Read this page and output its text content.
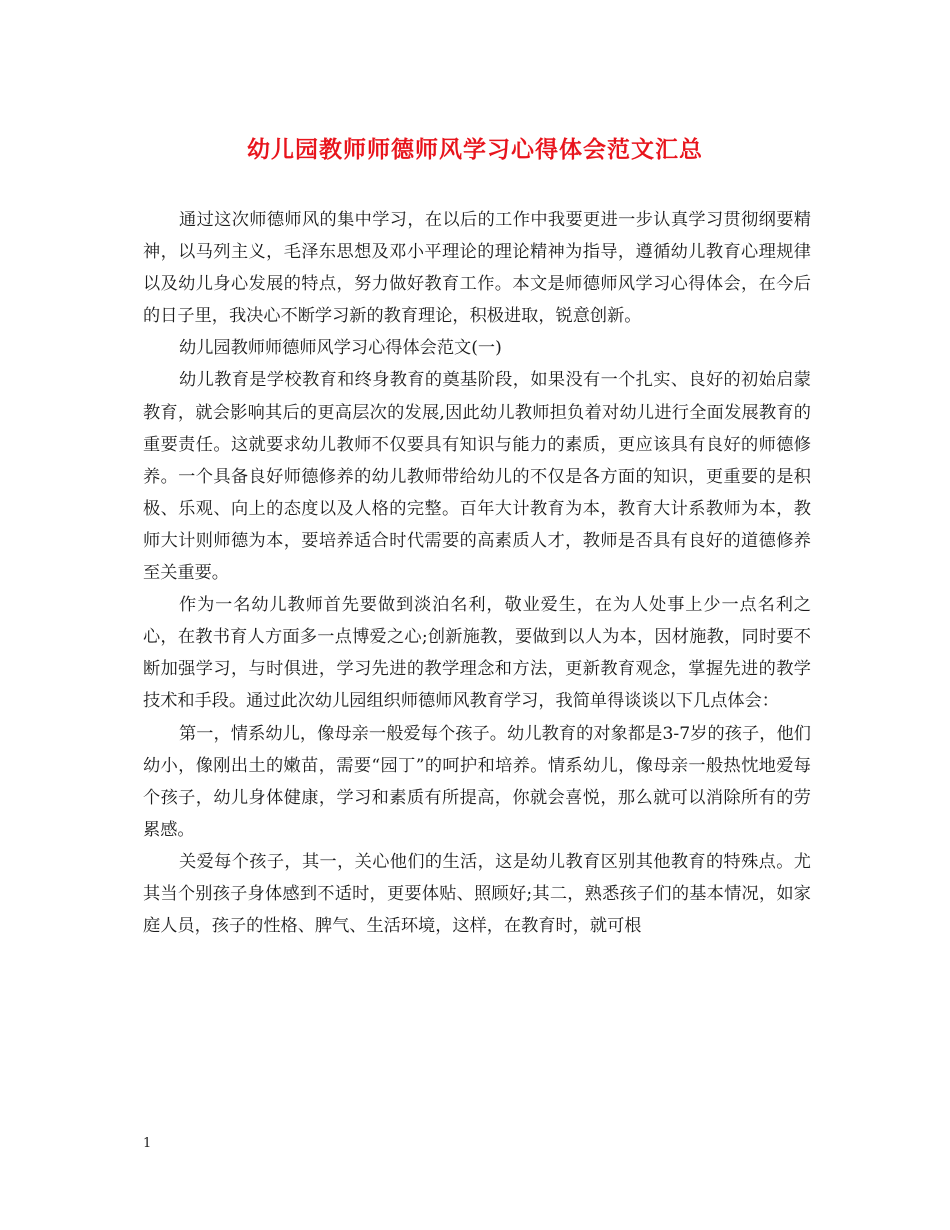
幼儿园教师师德师风学习心得体会范文汇总

通过这次师德师风的集中学习，在以后的工作中我要更进一步认真学习贯彻纲要精神，以马列主义，毛泽东思想及邓小平理论的理论精神为指导，遵循幼儿教育心理规律以及幼儿身心发展的特点，努力做好教育工作。本文是师德师风学习心得体会，在今后的日子里，我决心不断学习新的教育理论，积极进取，锐意创新。

幼儿园教师师德师风学习心得体会范文(一)

幼儿教育是学校教育和终身教育的奠基阶段，如果没有一个扎实、良好的初始启蒙教育，就会影响其后的更高层次的发展,因此幼儿教师担负着对幼儿进行全面发展教育的重要责任。这就要求幼儿教师不仅要具有知识与能力的素质，更应该具有良好的师德修养。一个具备良好师德修养的幼儿教师带给幼儿的不仅是各方面的知识，更重要的是积极、乐观、向上的态度以及人格的完整。百年大计教育为本，教育大计系教师为本，教师大计则师德为本，要培养适合时代需要的高素质人才，教师是否具有良好的道德修养至关重要。

作为一名幼儿教师首先要做到淡泊名利，敬业爱生，在为人处事上少一点名利之心，在教书育人方面多一点博爱之心;创新施教，要做到以人为本，因材施教，同时要不断加强学习，与时俱进，学习先进的教学理念和方法，更新教育观念，掌握先进的教学技术和手段。通过此次幼儿园组织师德师风教育学习，我简单得谈谈以下几点体会：

第一，情系幼儿，像母亲一般爱每个孩子。幼儿教育的对象都是3-7岁的孩子，他们幼小，像刚出土的嫩苗，需要“园丁”的呵护和培养。情系幼儿，像母亲一般热忱地爱每个孩子，幼儿身体健康，学习和素质有所提高，你就会喜悦，那么就可以消除所有的劳累感。

关爱每个孩子，其一，关心他们的生活，这是幼儿教育区别其他教育的特殊点。尤其当个别孩子身体感到不适时，更要体贴、照顾好;其二，熟悉孩子们的基本情况，如家庭人员，孩子的性格、脾气、生活环境，这样，在教育时，就可根

1
